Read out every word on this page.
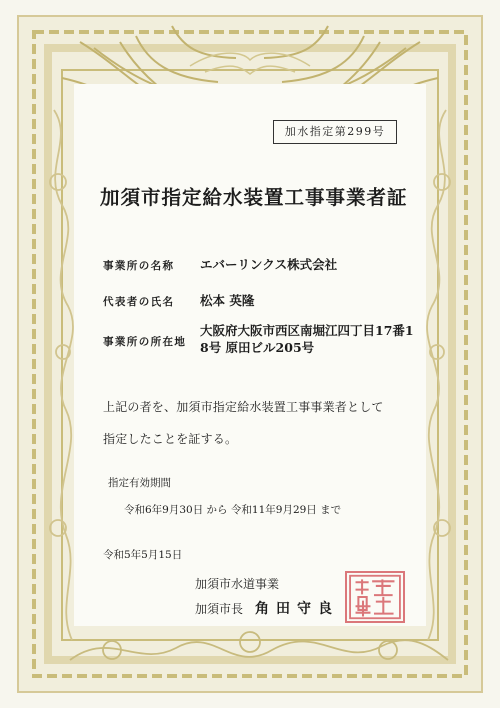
加水指定第299号
加須市指定給水装置工事事業者証
事業所の名称 エバーリンクス株式会社
代表者の氏名 松本 英隆
事業所の所在地
大阪府大阪市西区南堀江四丁目17番1
8号 原田ビル205号
上記の者を、加須市指定給水装置工事事業者として
指定したことを証する。
指定有効期間
令和6年9月30日 から 令和11年9月29日 まで
令和5年5月15日
加須市水道事業
加須市長 角田守良
